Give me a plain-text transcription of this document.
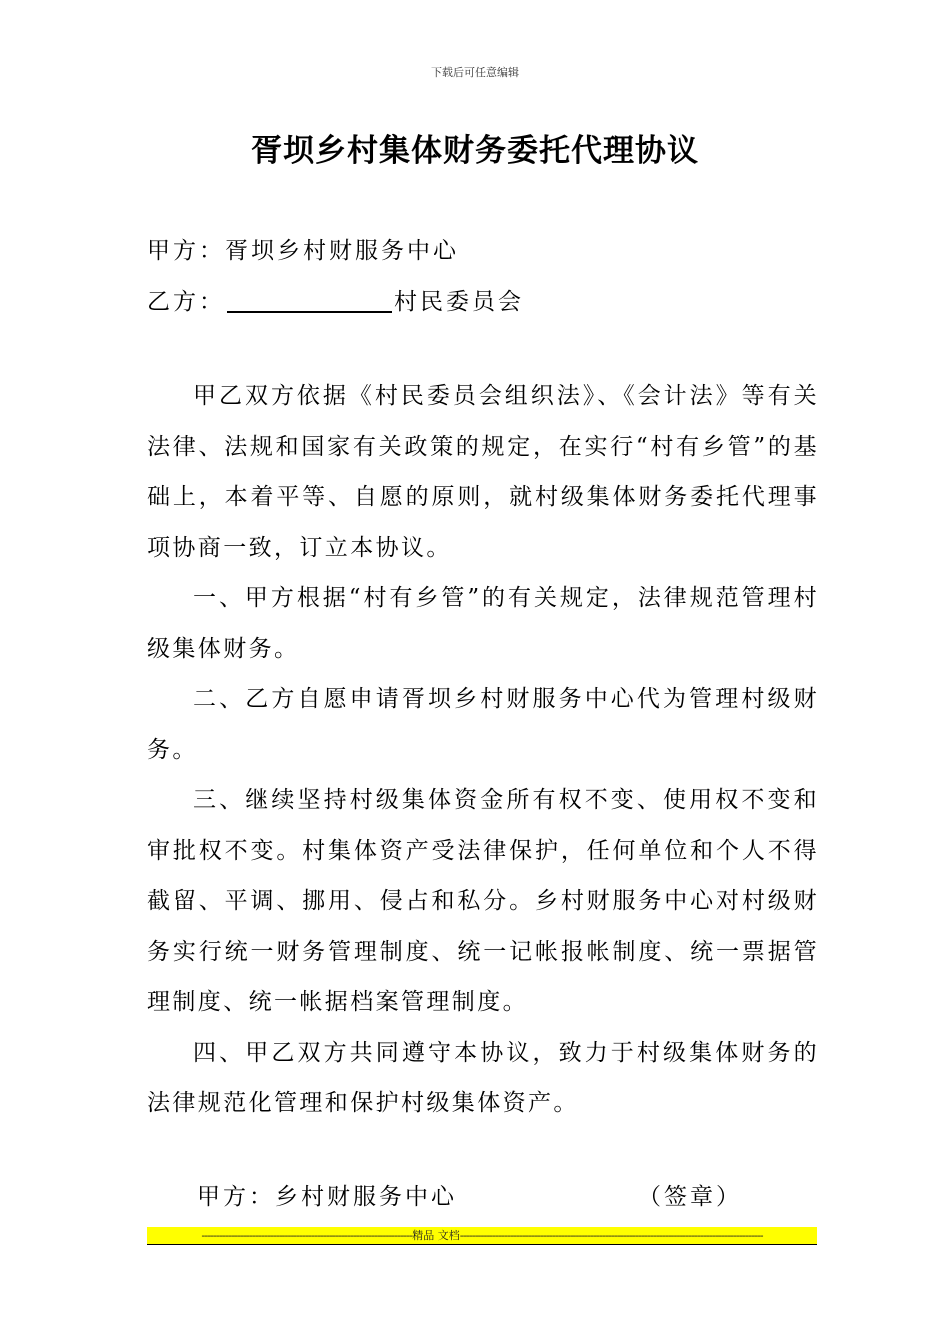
下载后可任意编辑
胥坝乡村集体财务委托代理协议
甲方：胥坝乡村财服务中心
乙方：	村民委员会

甲乙双方依据《村民委员会组织法》、《会计法》等有关法律、法规和国家有关政策的规定，在实行“村有乡管”的基础上，本着平等、自愿的原则，就村级集体财务委托代理事项协商一致，订立本协议。

一、甲方根据“村有乡管”的有关规定，法律规范管理村级集体财务。

二、乙方自愿申请胥坝乡村财服务中心代为管理村级财务。

三、继续坚持村级集体资金所有权不变、使用权不变和审批权不变。村集体资产受法律保护，任何单位和个人不得截留、平调、挪用、侵占和私分。乡村财服务中心对村级财务实行统一财务管理制度、统一记帐报帐制度、统一票据管理制度、统一帐据档案管理制度。

四、甲乙双方共同遵守本协议，致力于村级集体财务的法律规范化管理和保护村级集体资产。

甲方：乡村财服务中心	（签章）
-----------------------------------------------------------------------精品 文档------------------------------------------------------------------------------------------------------
